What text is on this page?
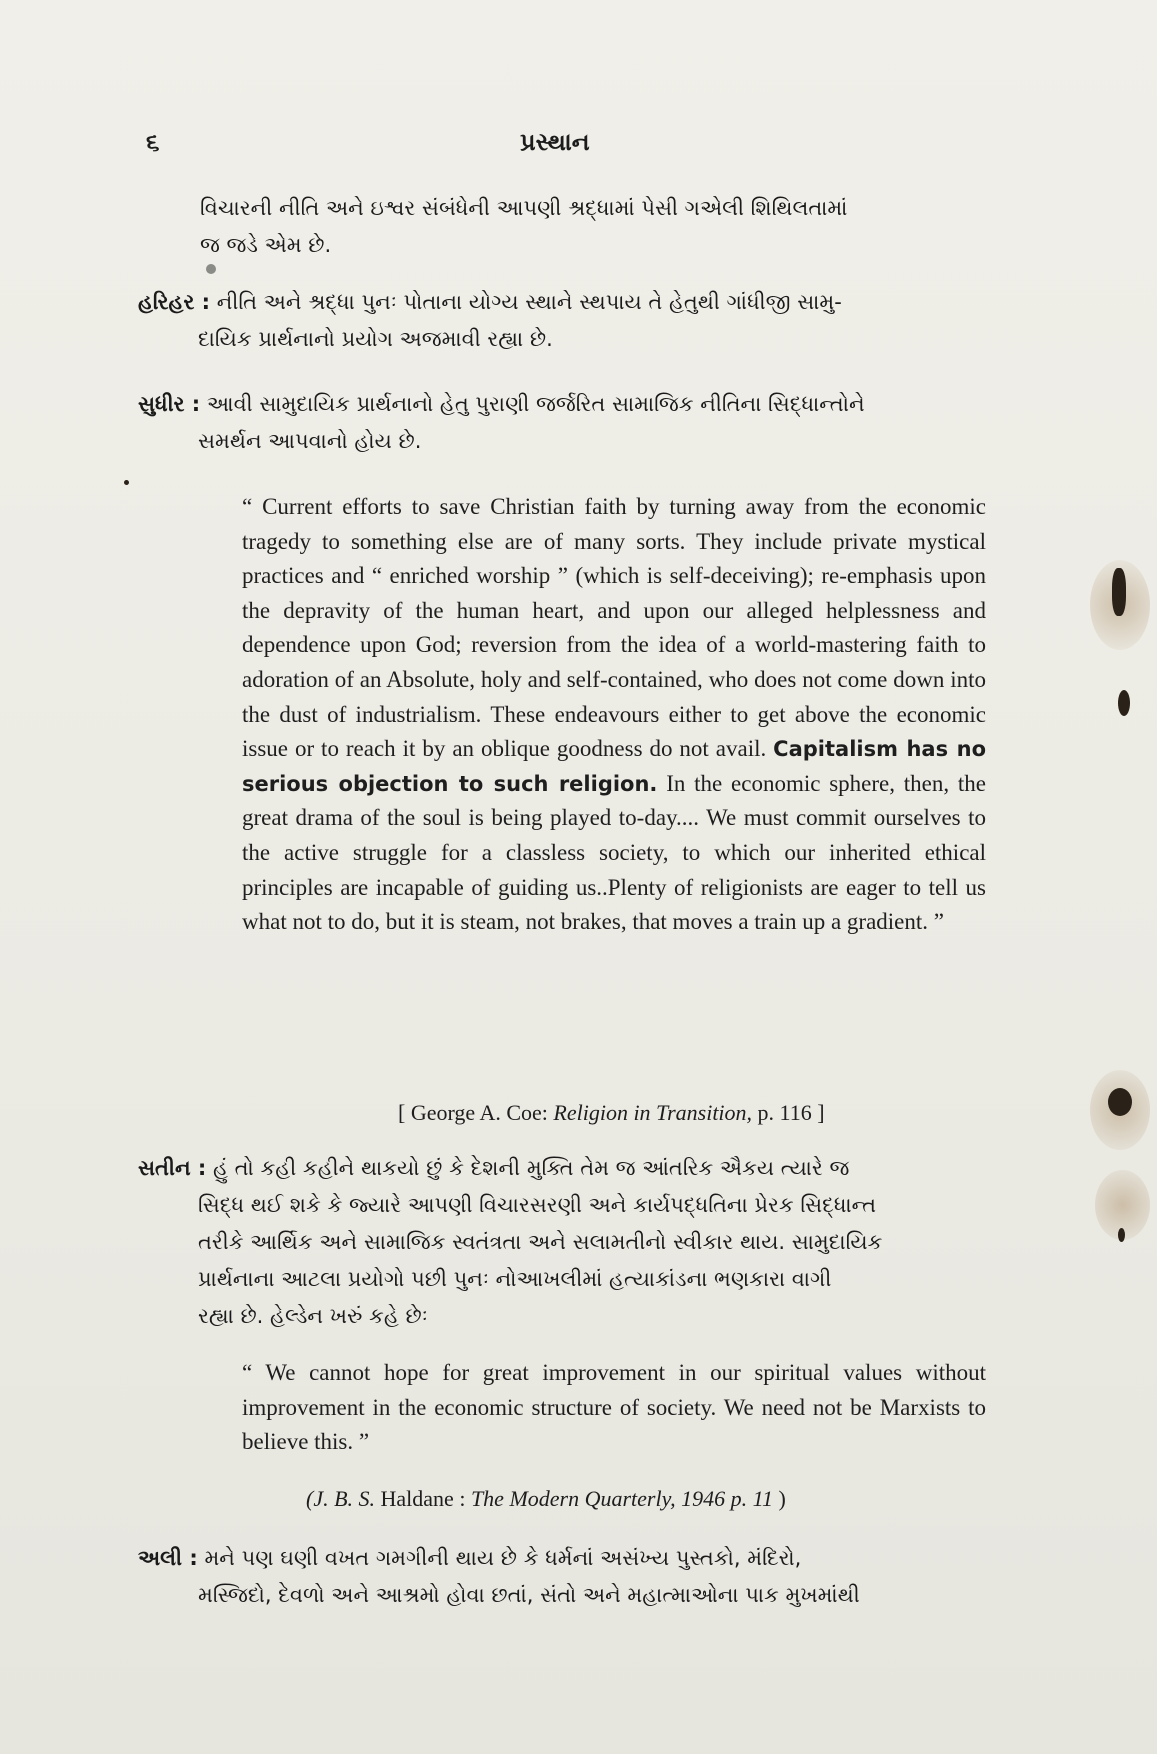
૬	પ્રસ્થાન
વિચારની નીતિ અને ઇશ્વર સંબંધેની આપણી શ્રદ્ધામાં પેસી ગએલી શિથિલતામાં
જ જડે એમ છે.
હરિહર : નીતિ અને શ્રદ્ધા પુનઃ પોતાના યોગ્ય સ્થાને સ્થપાય તે હેતુથી ગાંધીજી સામુ-
દાયિક પ્રાર્થનાનો પ્રયોગ અજમાવી રહ્યા છે.
સુધીર : આવી સામુદાયિક પ્રાર્થનાનો હેતુ પુરાણી જર્જરિત સામાજિક નીતિના સિદ્ધાન્તોને
સમર્થન આપવાનો હોય છે.
“ Current efforts to save Christian faith by turning away from the economic tragedy to something else are of many sorts. They include private mystical practices and “ enriched worship ” (which is self-deceiving); re-emphasis upon the depravity of the human heart, and upon our alleged helplessness and dependence upon God; reversion from the idea of a world-mastering faith to adoration of an Absolute, holy and self-contained, who does not come down into the dust of industrialism. These endeavours either to get above the economic issue or to reach it by an oblique goodness do not avail. Capitalism has no serious objection to such religion. In the economic sphere, then, the great drama of the soul is being played to-day.... We must commit ourselves to the active struggle for a classless society, to which our inherited ethical principles are incapable of guiding us..Plenty of religionists are eager to tell us what not to do, but it is steam, not brakes, that moves a train up a gradient. ”
[ George A. Coe: Religion in Transition, p. 116 ]
સતીન : હું તો કહી કહીને થાકયો છું કે દેશની મુક્તિ તેમ જ આંતરિક ઐકય ત્યારે જ
સિદ્ધ થઈ શકે કે જ્યારે આપણી વિચારસરણી અને કાર્યપદ્ધતિના પ્રેરક સિદ્ધાન્ત
તરીકે આર્થિક અને સામાજિક સ્વતંત્રતા અને સલામતીનો સ્વીકાર થાય. સામુદાયિક
પ્રાર્થનાના આટલા પ્રયોગો પછી પુનઃ નોઆખલીમાં હત્યાકાંડના ભણકારા વાગી
રહ્યા છે. હેલ્ડેન ખરું કહે છેઃ
“ We cannot hope for great improvement in our spiritual values without improvement in the economic structure of society. We need not be Marxists to believe this. ”
(J. B. S. Haldane : The Modern Quarterly, 1946 p. 11 )
અલી : મને પણ ઘણી વખત ગમગીની થાય છે કે ધર્મનાં અસંખ્ય પુસ્તકો, મંદિરો,
મસ્જિદો, દેવળો અને આશ્રમો હોવા છતાં, સંતો અને મહાત્માઓના પાક મુખમાંથી
